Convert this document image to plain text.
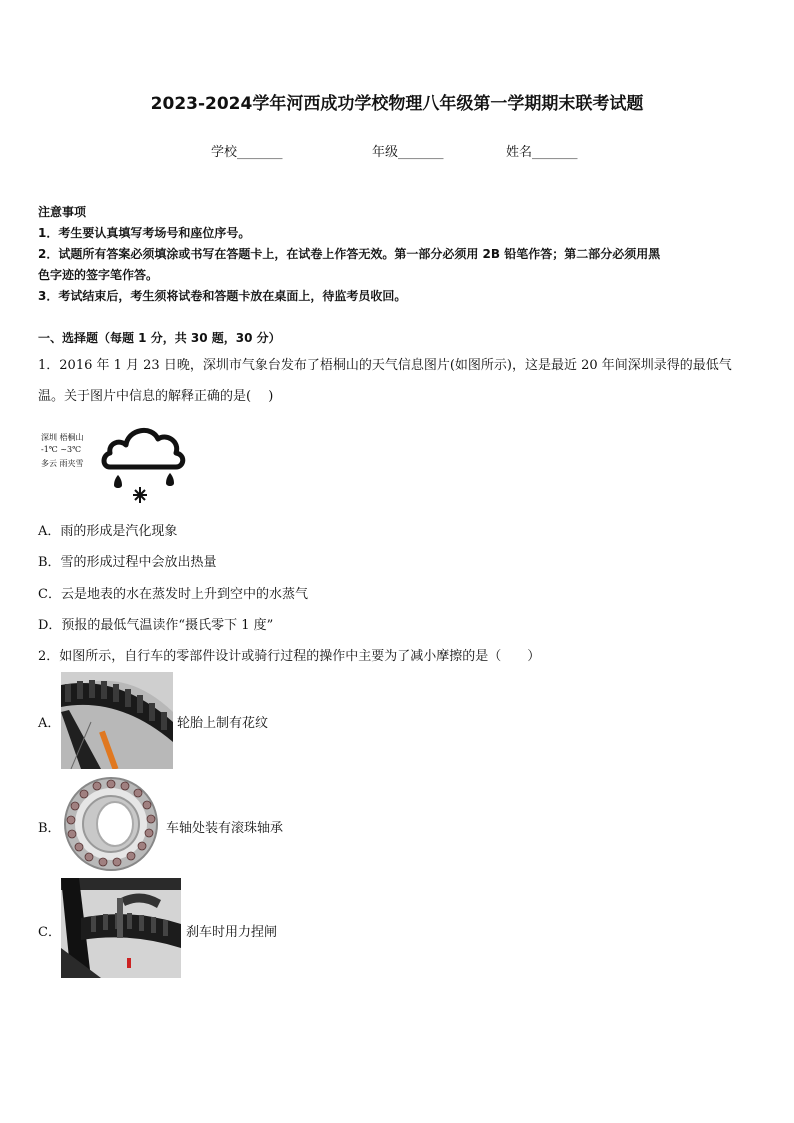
2023-2024学年河西成功学校物理八年级第一学期期末联考试题
学校_______	年级_______	姓名_______
注意事项
1．考生要认真填写考场号和座位序号。
2．试题所有答案必须填涂或书写在答题卡上，在试卷上作答无效。第一部分必须用 2B 铅笔作答；第二部分必须用黑
色字迹的签字笔作答。
3．考试结束后，考生须将试卷和答题卡放在桌面上，待监考员收回。
一、选择题（每题 1 分，共 30 题，30 分）
1．2016 年 1 月 23 日晚，深圳市气象台发布了梧桐山的天气信息图片(如图所示)，这是最近 20 年间深圳录得的最低气
温。关于图片中信息的解释正确的是(　 )
深圳 梧桐山
-1℃ ~3℃
多云 雨夹雪
A．雨的形成是汽化现象
B．雪的形成过程中会放出热量
C．云是地表的水在蒸发时上升到空中的水蒸气
D．预报的最低气温读作“摄氏零下 1 度”
2．如图所示，自行车的零部件设计或骑行过程的操作中主要为了减小摩擦的是（　　）
A．	轮胎上制有花纹
B．	车轴处装有滚珠轴承
C．	刹车时用力捏闸
